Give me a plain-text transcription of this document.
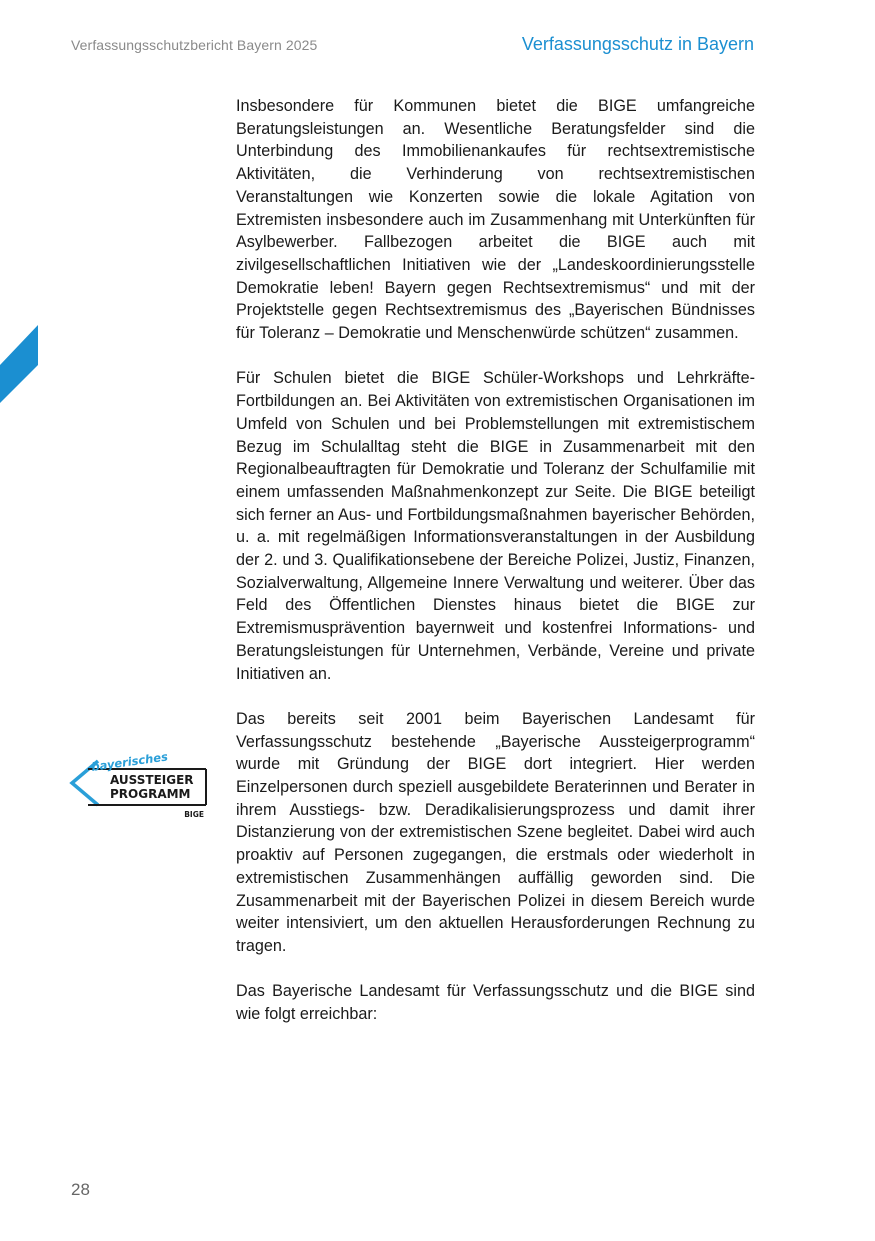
Verfassungsschutzbericht Bayern 2025	Verfassungsschutz in Bayern

Insbesondere für Kommunen bietet die BIGE umfangreiche Beratungsleistungen an. Wesentliche Beratungsfelder sind die Unterbindung des Immobilienankaufes für rechtsextremistische Aktivitäten, die Verhinderung von rechtsextremistischen Veranstaltungen wie Konzerten sowie die lokale Agitation von Extremisten insbesondere auch im Zusammenhang mit Unterkünften für Asylbewerber. Fallbezogen arbeitet die BIGE auch mit zivilgesellschaftlichen Initiativen wie der „Landeskoordinierungsstelle Demokratie leben! Bayern gegen Rechtsextremismus“ und mit der Projektstelle gegen Rechtsextremismus des „Bayerischen Bündnisses für Toleranz – Demokratie und Menschenwürde schützen“ zusammen.

Für Schulen bietet die BIGE Schüler-Workshops und Lehrkräfte-Fortbildungen an. Bei Aktivitäten von extremistischen Organisationen im Umfeld von Schulen und bei Problemstellungen mit extremistischem Bezug im Schulalltag steht die BIGE in Zusammenarbeit mit den Regionalbeauftragten für Demokratie und Toleranz der Schulfamilie mit einem umfassenden Maßnahmenkonzept zur Seite. Die BIGE beteiligt sich ferner an Aus- und Fortbildungsmaßnahmen bayerischer Behörden, u. a. mit regelmäßigen Informationsveranstaltungen in der Ausbildung der 2. und 3. Qualifikationsebene der Bereiche Polizei, Justiz, Finanzen, Sozialverwaltung, Allgemeine Innere Verwaltung und weiterer. Über das Feld des Öffentlichen Dienstes hinaus bietet die BIGE zur Extremismusprävention bayernweit und kostenfrei Informations- und Beratungsleistungen für Unternehmen, Verbände, Vereine und private Initiativen an.

Das bereits seit 2001 beim Bayerischen Landesamt für Verfassungsschutz bestehende „Bayerische Aussteigerprogramm“ wurde mit Gründung der BIGE dort integriert. Hier werden Einzelpersonen durch speziell ausgebildete Beraterinnen und Berater in ihrem Ausstiegs- bzw. Deradikalisierungsprozess und damit ihrer Distanzierung von der extremistischen Szene begleitet. Dabei wird auch proaktiv auf Personen zugegangen, die erstmals oder wiederholt in extremistischen Zusammenhängen auffällig geworden sind. Die Zusammenarbeit mit der Bayerischen Polizei in diesem Bereich wurde weiter intensiviert, um den aktuellen Herausforderungen Rechnung zu tragen.

Das Bayerische Landesamt für Verfassungsschutz und die BIGE sind wie folgt erreichbar:

bayerisches
AUSSTEIGER
PROGRAMM
BIGE
28
